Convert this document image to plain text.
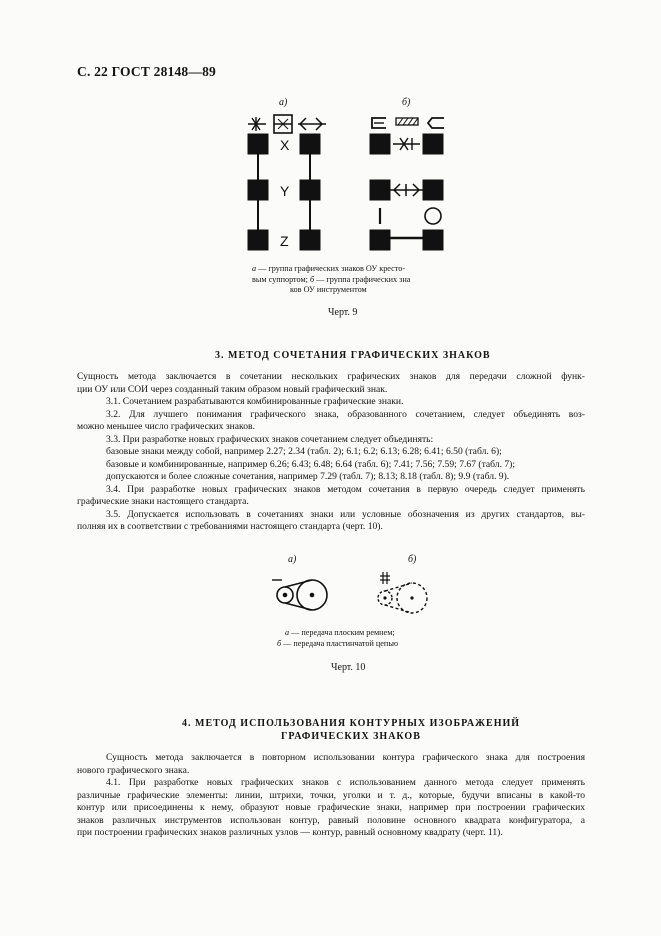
С. 22 ГОСТ 28148—89
а)	б)
X
Y
Z
а — группа графических знаков ОУ кресто-
вым суппортом; б — группа графических зна
ков ОУ инструментом
Черт. 9
3. МЕТОД СОЧЕТАНИЯ ГРАФИЧЕСКИХ ЗНАКОВ
Сущность метода заключается в сочетании нескольких графических знаков для передачи сложной функ-
ции ОУ или СОИ через созданный таким образом новый графический знак.
3.1. Сочетанием разрабатываются комбинированные графические знаки.
3.2. Для лучшего понимания графического знака, образованного сочетанием, следует объединять воз-
можно меньшее число графических знаков.
3.3. При разработке новых графических знаков сочетанием следует объединять:
базовые знаки между собой, например 2.27; 2.34 (табл. 2); 6.1; 6.2; 6.13; 6.28; 6.41; 6.50 (табл. 6);
базовые и комбинированные, например 6.26; 6.43; 6.48; 6.64 (табл. 6); 7.41; 7.56; 7.59; 7.67 (табл. 7);
допускаются и более сложные сочетания, например 7.29 (табл. 7); 8.13; 8.18 (табл. 8); 9.9 (табл. 9).
3.4. При разработке новых графических знаков методом сочетания в первую очередь следует применять
графические знаки настоящего стандарта.
3.5. Допускается использовать в сочетаниях знаки или условные обозначения из других стандартов, вы-
полняя их в соответствии с требованиями настоящего стандарта (черт. 10).
а)	б)
а — передача плоским ремнем;
б — передача пластинчатой цепью
Черт. 10
4. МЕТОД ИСПОЛЬЗОВАНИЯ КОНТУРНЫХ ИЗОБРАЖЕНИЙ
ГРАФИЧЕСКИХ ЗНАКОВ
Сущность метода заключается в повторном использовании контура графического знака для построения
нового графического знака.
4.1. При разработке новых графических знаков с использованием данного метода следует применять
различные графические элементы: линии, штрихи, точки, уголки и т. д., которые, будучи вписаны в какой-то
контур или присоединены к нему, образуют новые графические знаки, например при построении графических
знаков различных инструментов использован контур, равный половине основного квадрата конфигуратора, а
при построении графических знаков различных узлов — контур, равный основному квадрату (черт. 11).
